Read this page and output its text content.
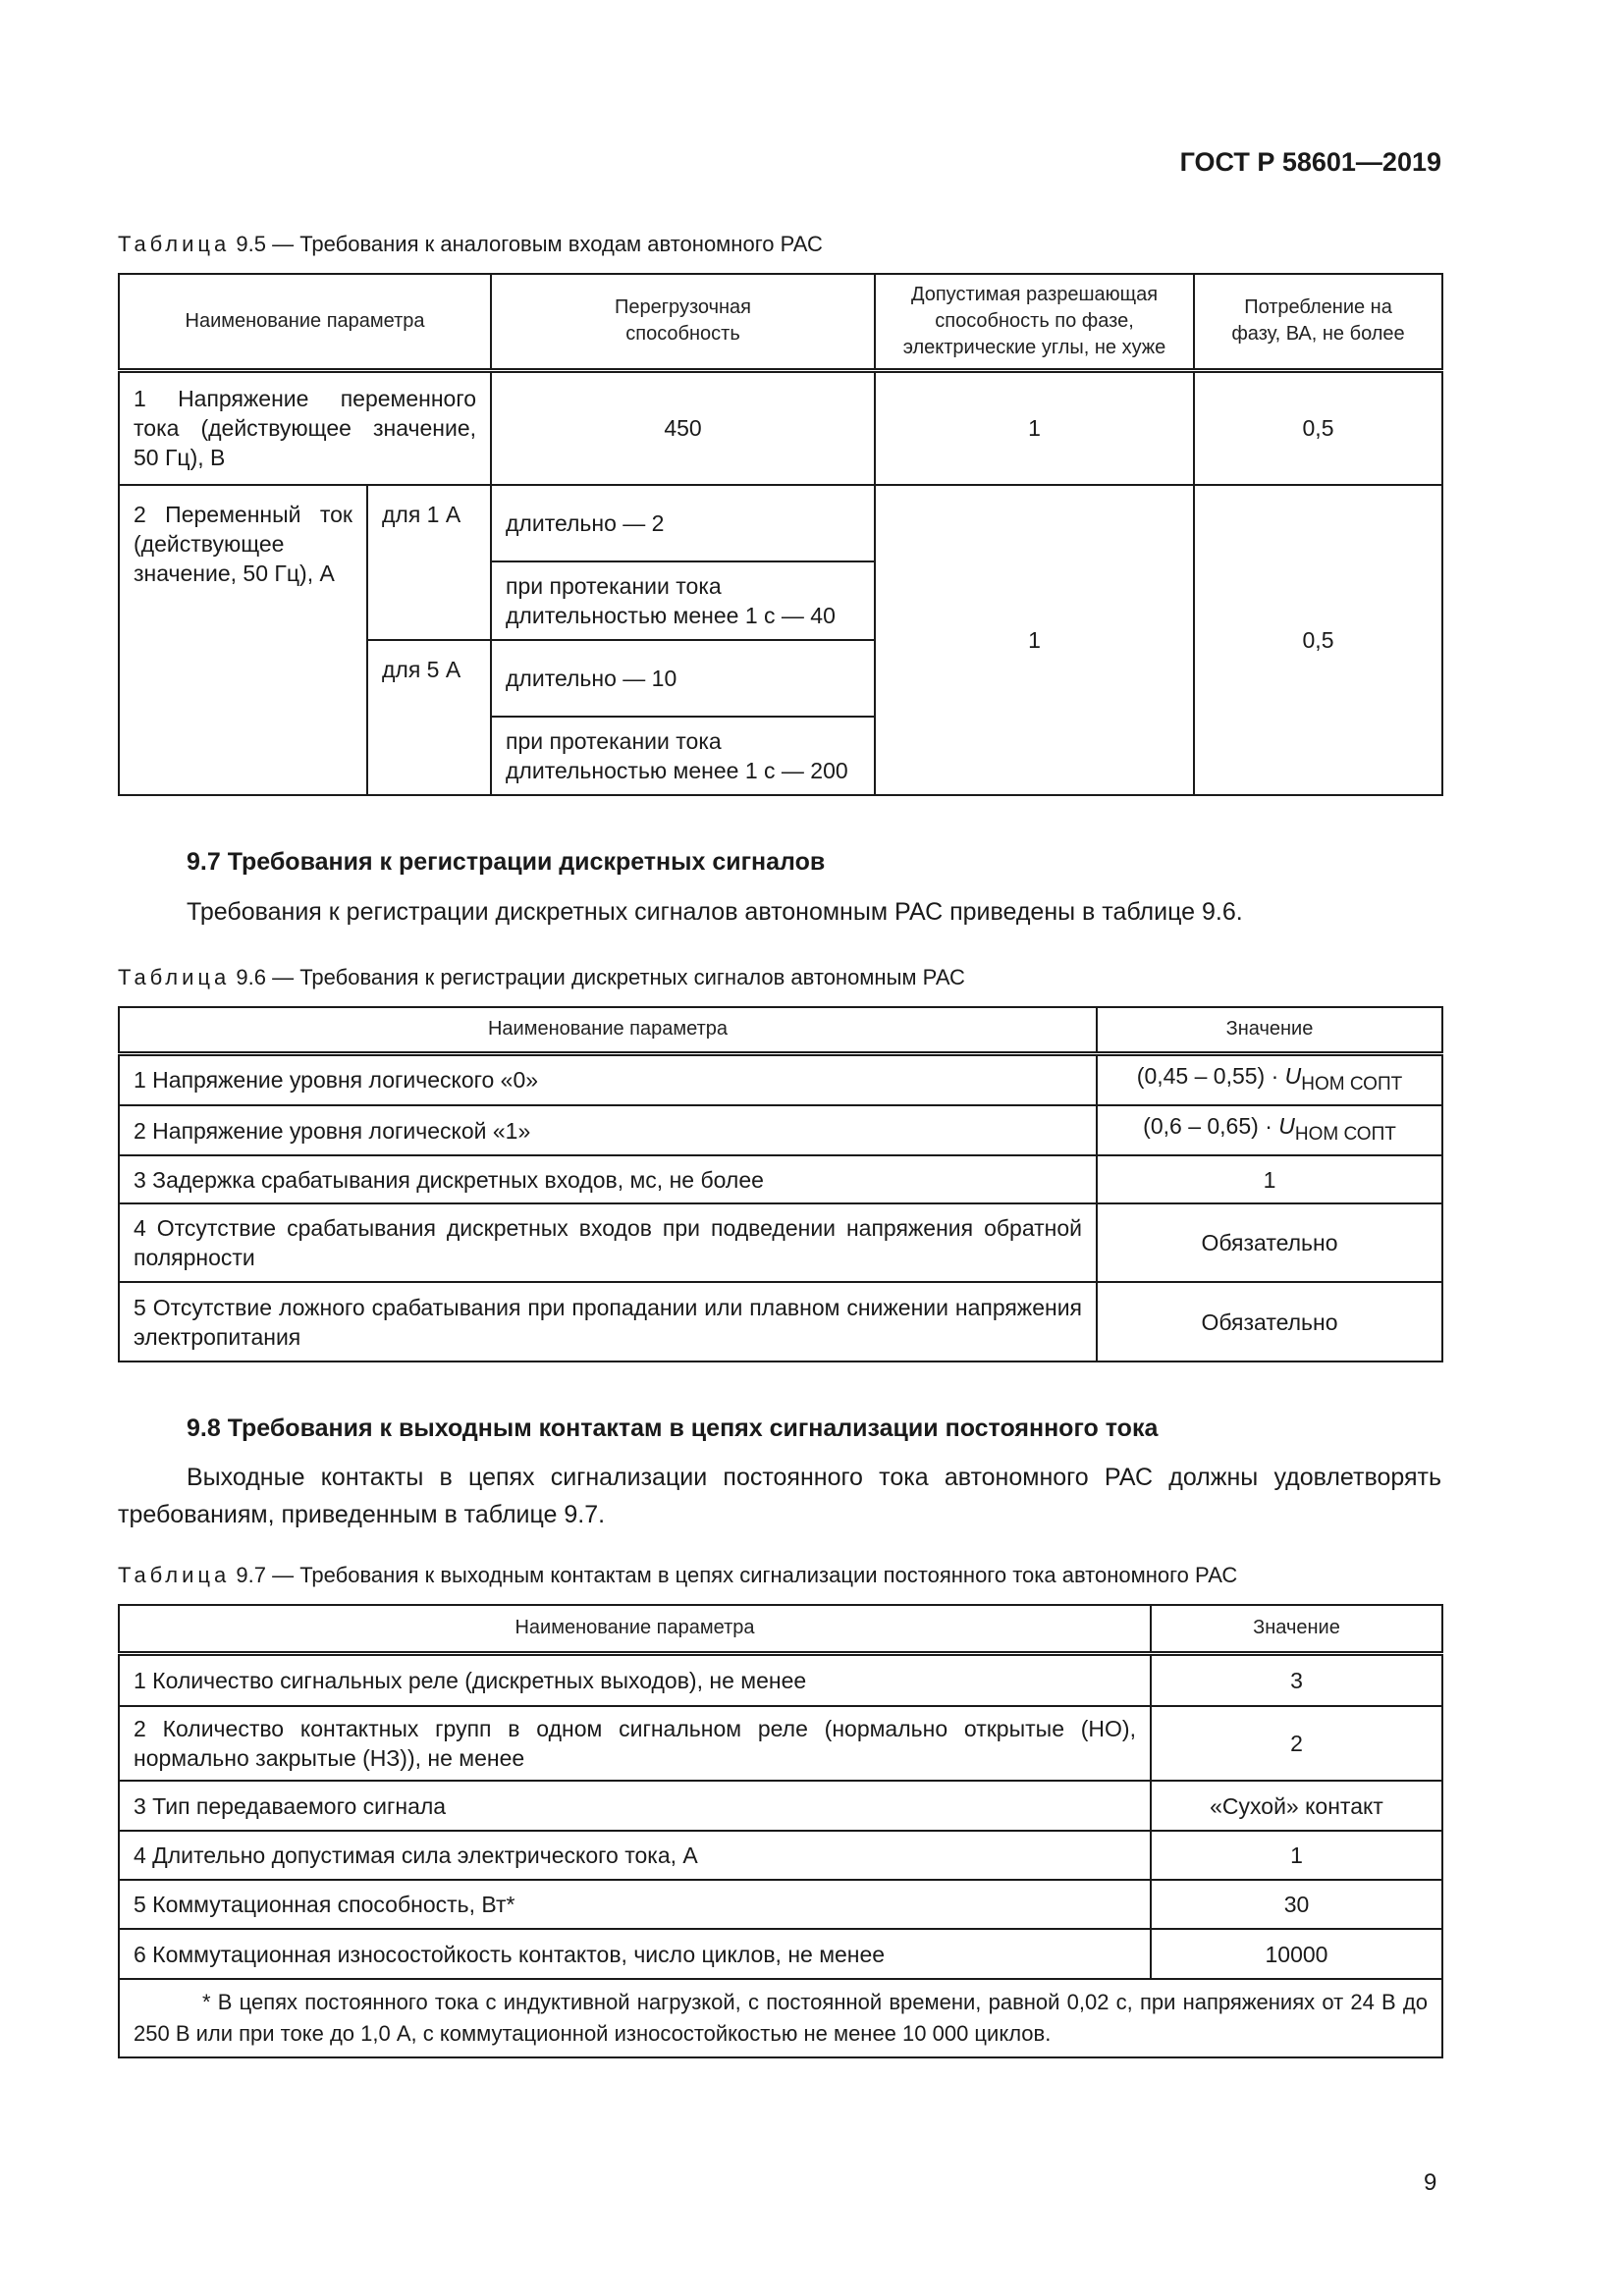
ГОСТ Р 58601—2019
Таблица 9.5 — Требования к аналоговым входам автономного РАС
Наименование параметра		Перегрузочная способность	Допустимая разрешающая способность по фазе, электрические углы, не хуже	Потребление на фазу, ВА, не более
1 Напряжение переменного тока (действующее значение, 50 Гц), В		450	1	0,5
2 Переменный ток (действующее значение, 50 Гц), А	для 1 А	длительно — 2	1	0,5
		при протекании тока длительностью менее 1 с — 40		
	для 5 А	длительно — 10		
		при протекании тока длительностью менее 1 с — 200		
9.7 Требования к регистрации дискретных сигналов
Требования к регистрации дискретных сигналов автономным РАС приведены в таблице 9.6.
Таблица 9.6 — Требования к регистрации дискретных сигналов автономным РАС
Наименование параметра	Значение
1 Напряжение уровня логического «0»	$(0,45 - 0,55) \cdot U_{НОМ СОПТ}$
2 Напряжение уровня логической «1»	$(0,6 - 0,65) \cdot U_{НОМ СОПТ}$
3 Задержка срабатывания дискретных входов, мс, не более	1
4 Отсутствие срабатывания дискретных входов при подведении напряжения обратной полярности	Обязательно
5 Отсутствие ложного срабатывания при пропадании или плавном снижении напряжения электропитания	Обязательно
9.8 Требования к выходным контактам в цепях сигнализации постоянного тока
Выходные контакты в цепях сигнализации постоянного тока автономного РАС должны удовлетворять требованиям, приведенным в таблице 9.7.
Таблица 9.7 — Требования к выходным контактам в цепях сигнализации постоянного тока автономного РАС
Наименование параметра	Значение
1 Количество сигнальных реле (дискретных выходов), не менее	3
2 Количество контактных групп в одном сигнальном реле (нормально открытые (НО), нормально закрытые (НЗ)), не менее	2
3 Тип передаваемого сигнала	«Сухой» контакт
4 Длительно допустимая сила электрического тока, А	1
5 Коммутационная способность, Вт*	30
6 Коммутационная износостойкость контактов, число циклов, не менее	10000
* В цепях постоянного тока с индуктивной нагрузкой, с постоянной времени, равной 0,02 с, при напряжениях от 24 В до 250 В или при токе до 1,0 А, с коммутационной износостойкостью не менее 10 000 циклов.	
9
